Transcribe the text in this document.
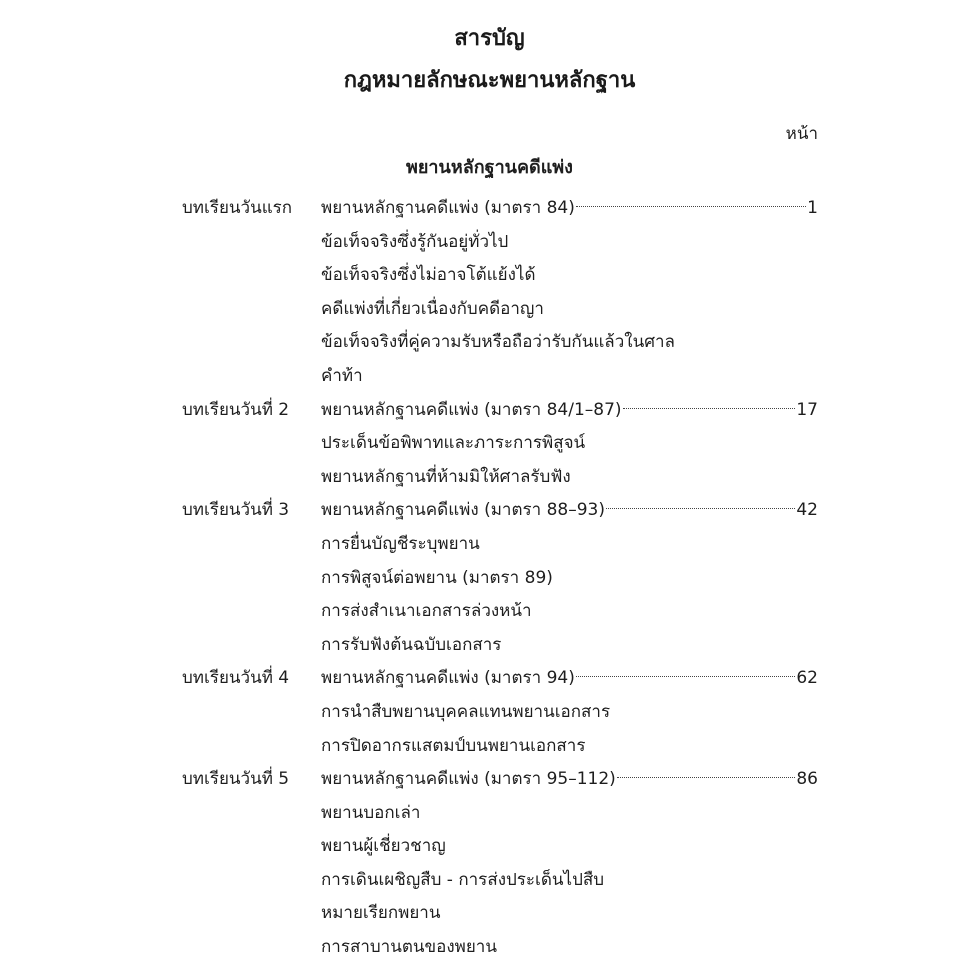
สารบัญ
กฎหมายลักษณะพยานหลักฐาน
หน้า
พยานหลักฐานคดีแพ่ง
บทเรียนวันแรก พยานหลักฐานคดีแพ่ง (มาตรา 84)	1
ข้อเท็จจริงซึ่งรู้กันอยู่ทั่วไป
ข้อเท็จจริงซึ่งไม่อาจโต้แย้งได้
คดีแพ่งที่เกี่ยวเนื่องกับคดีอาญา
ข้อเท็จจริงที่คู่ความรับหรือถือว่ารับกันแล้วในศาล
คำท้า
บทเรียนวันที่ 2 พยานหลักฐานคดีแพ่ง (มาตรา 84/1–87)	17
ประเด็นข้อพิพาทและภาระการพิสูจน์
พยานหลักฐานที่ห้ามมิให้ศาลรับฟัง
บทเรียนวันที่ 3 พยานหลักฐานคดีแพ่ง (มาตรา 88–93)	42
การยื่นบัญชีระบุพยาน
การพิสูจน์ต่อพยาน (มาตรา 89)
การส่งสำเนาเอกสารล่วงหน้า
การรับฟังต้นฉบับเอกสาร
บทเรียนวันที่ 4 พยานหลักฐานคดีแพ่ง (มาตรา 94)	62
การนำสืบพยานบุคคลแทนพยานเอกสาร
การปิดอากรแสตมป์บนพยานเอกสาร
บทเรียนวันที่ 5 พยานหลักฐานคดีแพ่ง (มาตรา 95–112)	86
พยานบอกเล่า
พยานผู้เชี่ยวชาญ
การเดินเผชิญสืบ - การส่งประเด็นไปสืบ
หมายเรียกพยาน
การสาบานตนของพยาน
